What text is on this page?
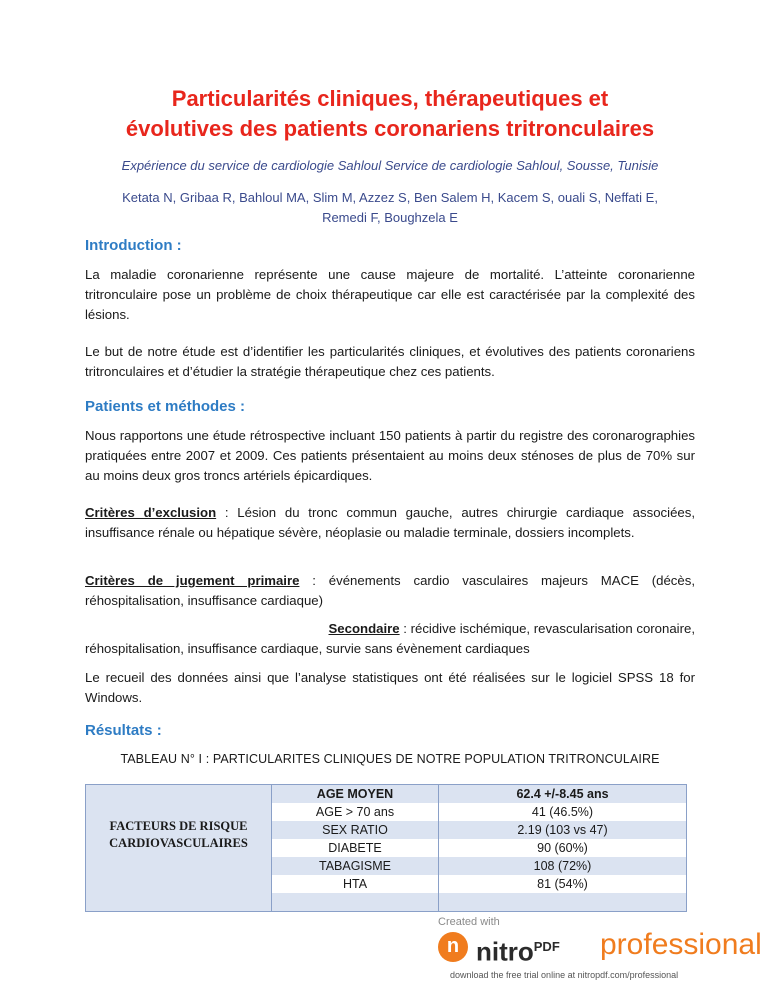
Particularités cliniques, thérapeutiques et
évolutives des patients coronariens tritronculaires
Expérience du service de cardiologie Sahloul Service de cardiologie Sahloul, Sousse, Tunisie
Ketata N, Gribaa R, Bahloul MA, Slim M, Azzez S, Ben Salem H, Kacem S, ouali S, Neffati E,
Remedi F, Boughzela E
Introduction :
La maladie coronarienne représente une cause majeure de mortalité. L’atteinte coronarienne tritronculaire pose un problème de choix thérapeutique car elle est caractérisée par la complexité des lésions.
Le but de notre étude est d’identifier les particularités cliniques, et évolutives des patients coronariens tritronculaires et d’étudier la stratégie thérapeutique chez ces patients.
Patients et méthodes :
Nous rapportons une étude rétrospective incluant 150 patients à partir du registre des coronarographies pratiquées entre 2007 et 2009. Ces patients présentaient au moins deux sténoses de plus de 70% sur au moins deux gros troncs artériels épicardiques.
Critères d’exclusion : Lésion du tronc commun gauche, autres chirurgie cardiaque associées, insuffisance rénale ou hépatique sévère, néoplasie ou maladie terminale, dossiers incomplets.
Critères de jugement primaire : événements cardio vasculaires majeurs MACE (décès, réhospitalisation, insuffisance cardiaque)
Secondaire : récidive ischémique, revascularisation coronaire,
réhospitalisation, insuffisance cardiaque, survie sans évènement cardiaques
Le recueil des données ainsi que l’analyse statistiques ont été réalisées sur le logiciel SPSS 18 for Windows.
Résultats :
TABLEAU N° I : PARTICULARITES CLINIQUES DE NOTRE POPULATION TRITRONCULAIRE
FACTEURS DE RISQUE CARDIOVASCULAIRES
AGE MOYEN	62.4 +/-8.45 ans
AGE > 70 ans	41 (46.5%)
SEX RATIO	2.19 (103 vs 47)
DIABETE	90 (60%)
TABAGISME	108 (72%)
HTA	81 (54%)
Created with
n nitro$^{PDF}$ professional
download the free trial online at nitropdf.com/professional
